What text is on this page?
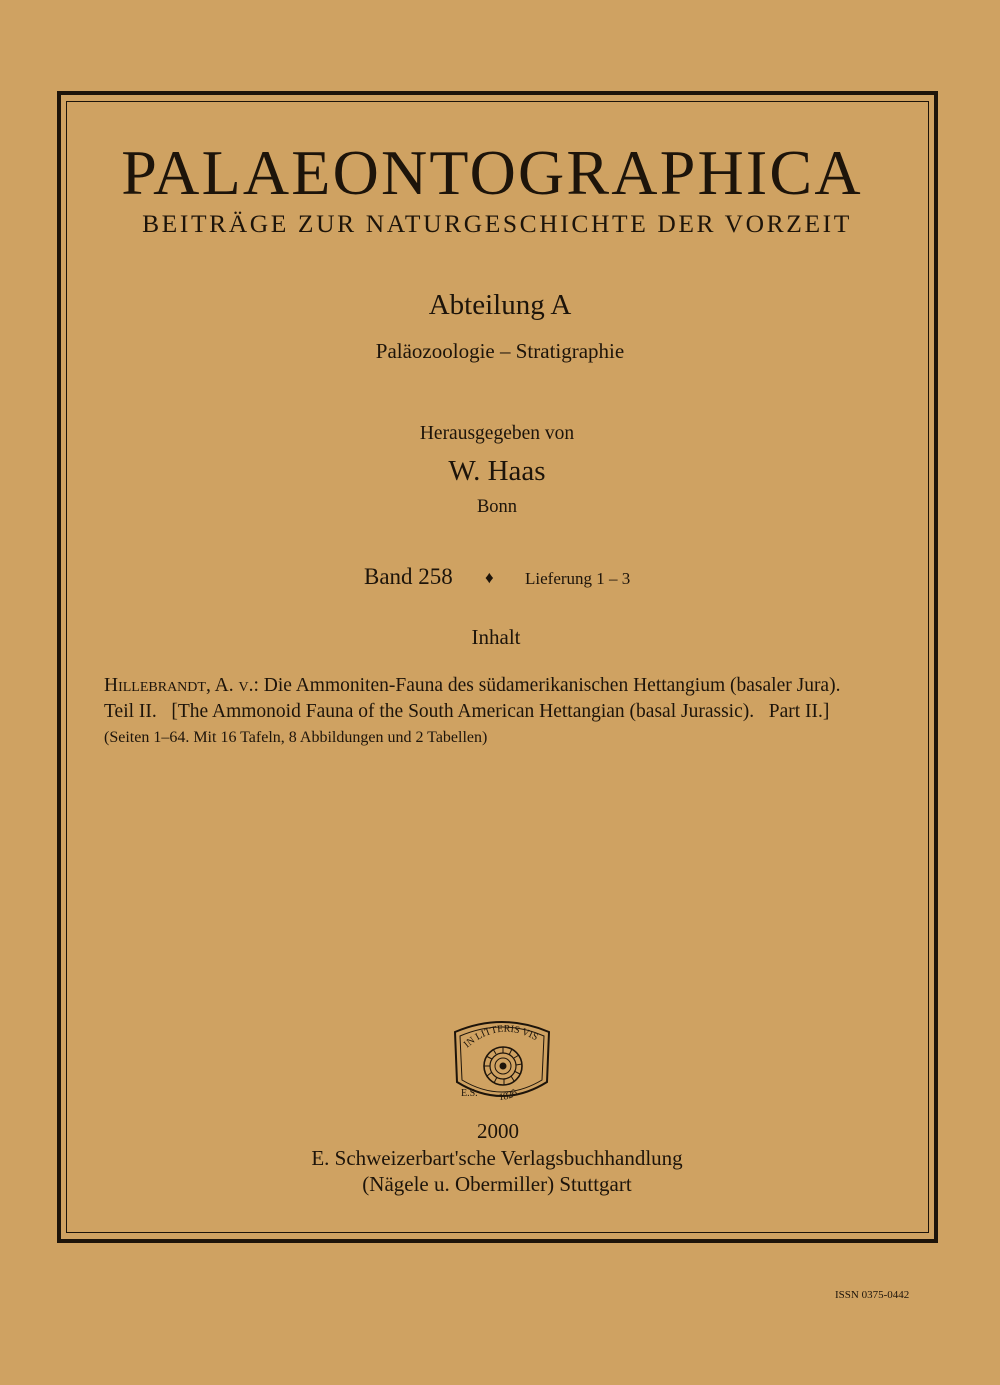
PALAEONTOGRAPHICA
BEITRÄGE ZUR NATURGESCHICHTE DER VORZEIT
Abteilung A
Paläozoologie – Stratigraphie
Herausgegeben von
W. Haas
Bonn
Band 258 ♦ Lieferung 1 – 3
Inhalt
Hillebrandt, A. v.: Die Ammoniten-Fauna des südamerikanischen Hettangium (basaler Jura).
Teil II.   [The Ammonoid Fauna of the South American Hettangian (basal Jurassic).   Part II.]
(Seiten 1–64. Mit 16 Tafeln, 8 Abbildungen und 2 Tabellen)
IN LITTERIS VIS
E.S. 1826
2000
E. Schweizerbart'sche Verlagsbuchhandlung
(Nägele u. Obermiller) Stuttgart
ISSN 0375-0442
